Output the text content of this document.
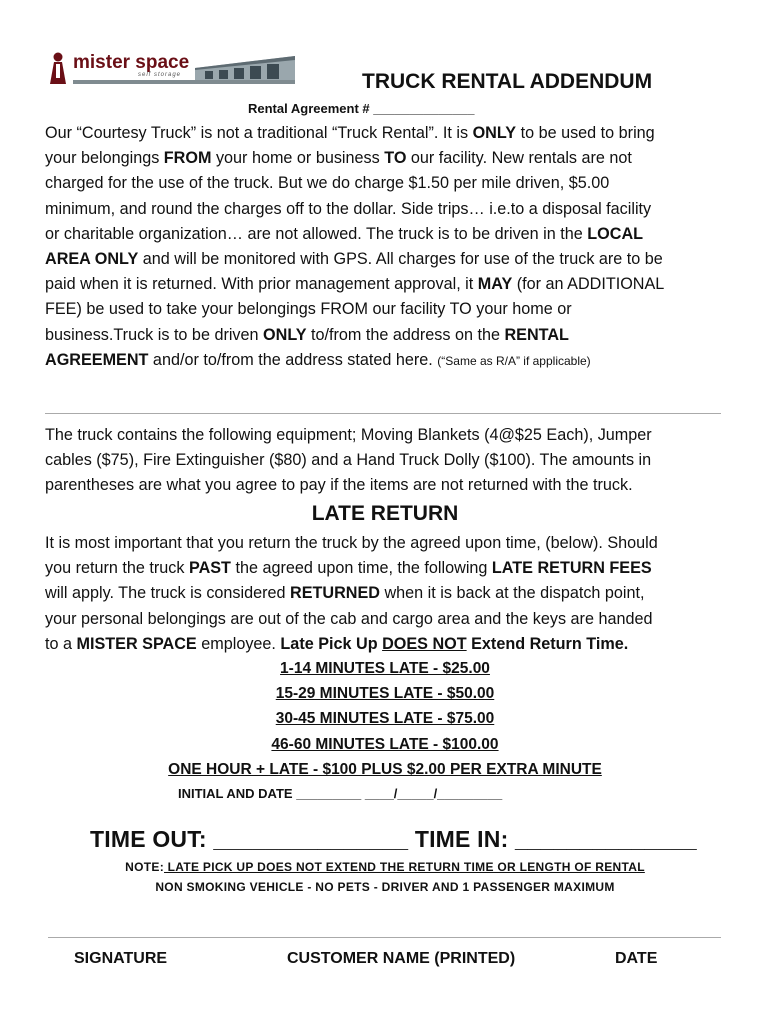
mister space
self storage	TRUCK RENTAL ADDENDUM
Rental Agreement # ______________
Our “Courtesy Truck” is not a traditional “Truck Rental”. It is ONLY to be used to bring
your belongings FROM your home or business TO our facility. New rentals are not
charged for the use of the truck. But we do charge $1.50 per mile driven, $5.00
minimum, and round the charges off to the dollar. Side trips… i.e.to a disposal facility
or charitable organization… are not allowed. The truck is to be driven in the LOCAL
AREA ONLY and will be monitored with GPS. All charges for use of the truck are to be
paid when it is returned. With prior management approval, it MAY (for an ADDITIONAL
FEE) be used to take your belongings FROM our facility TO your home or
business.Truck is to be driven ONLY to/from the address on the RENTAL
AGREEMENT and/or to/from the address stated here. (“Same as R/A” if applicable)
The truck contains the following equipment; Moving Blankets (4@$25 Each), Jumper
cables ($75), Fire Extinguisher ($80) and a Hand Truck Dolly ($100). The amounts in
parentheses are what you agree to pay if the items are not returned with the truck.
LATE RETURN
It is most important that you return the truck by the agreed upon time, (below). Should
you return the truck PAST the agreed upon time, the following LATE RETURN FEES
will apply. The truck is considered RETURNED when it is back at the dispatch point,
your personal belongings are out of the cab and cargo area and the keys are handed
to a MISTER SPACE employee. Late Pick Up DOES NOT Extend Return Time.
1-14 MINUTES LATE - $25.00
15-29 MINUTES LATE - $50.00
30-45 MINUTES LATE - $75.00
46-60 MINUTES LATE - $100.00
ONE HOUR + LATE - $100 PLUS $2.00 PER EXTRA MINUTE
INITIAL AND DATE _________ ____/_____/_________
TIME OUT: _______________ TIME IN: ______________
NOTE: LATE PICK UP DOES NOT EXTEND THE RETURN TIME OR LENGTH OF RENTAL
NON SMOKING VEHICLE - NO PETS - DRIVER AND 1 PASSENGER MAXIMUM
SIGNATURE	CUSTOMER NAME (PRINTED)	DATE
